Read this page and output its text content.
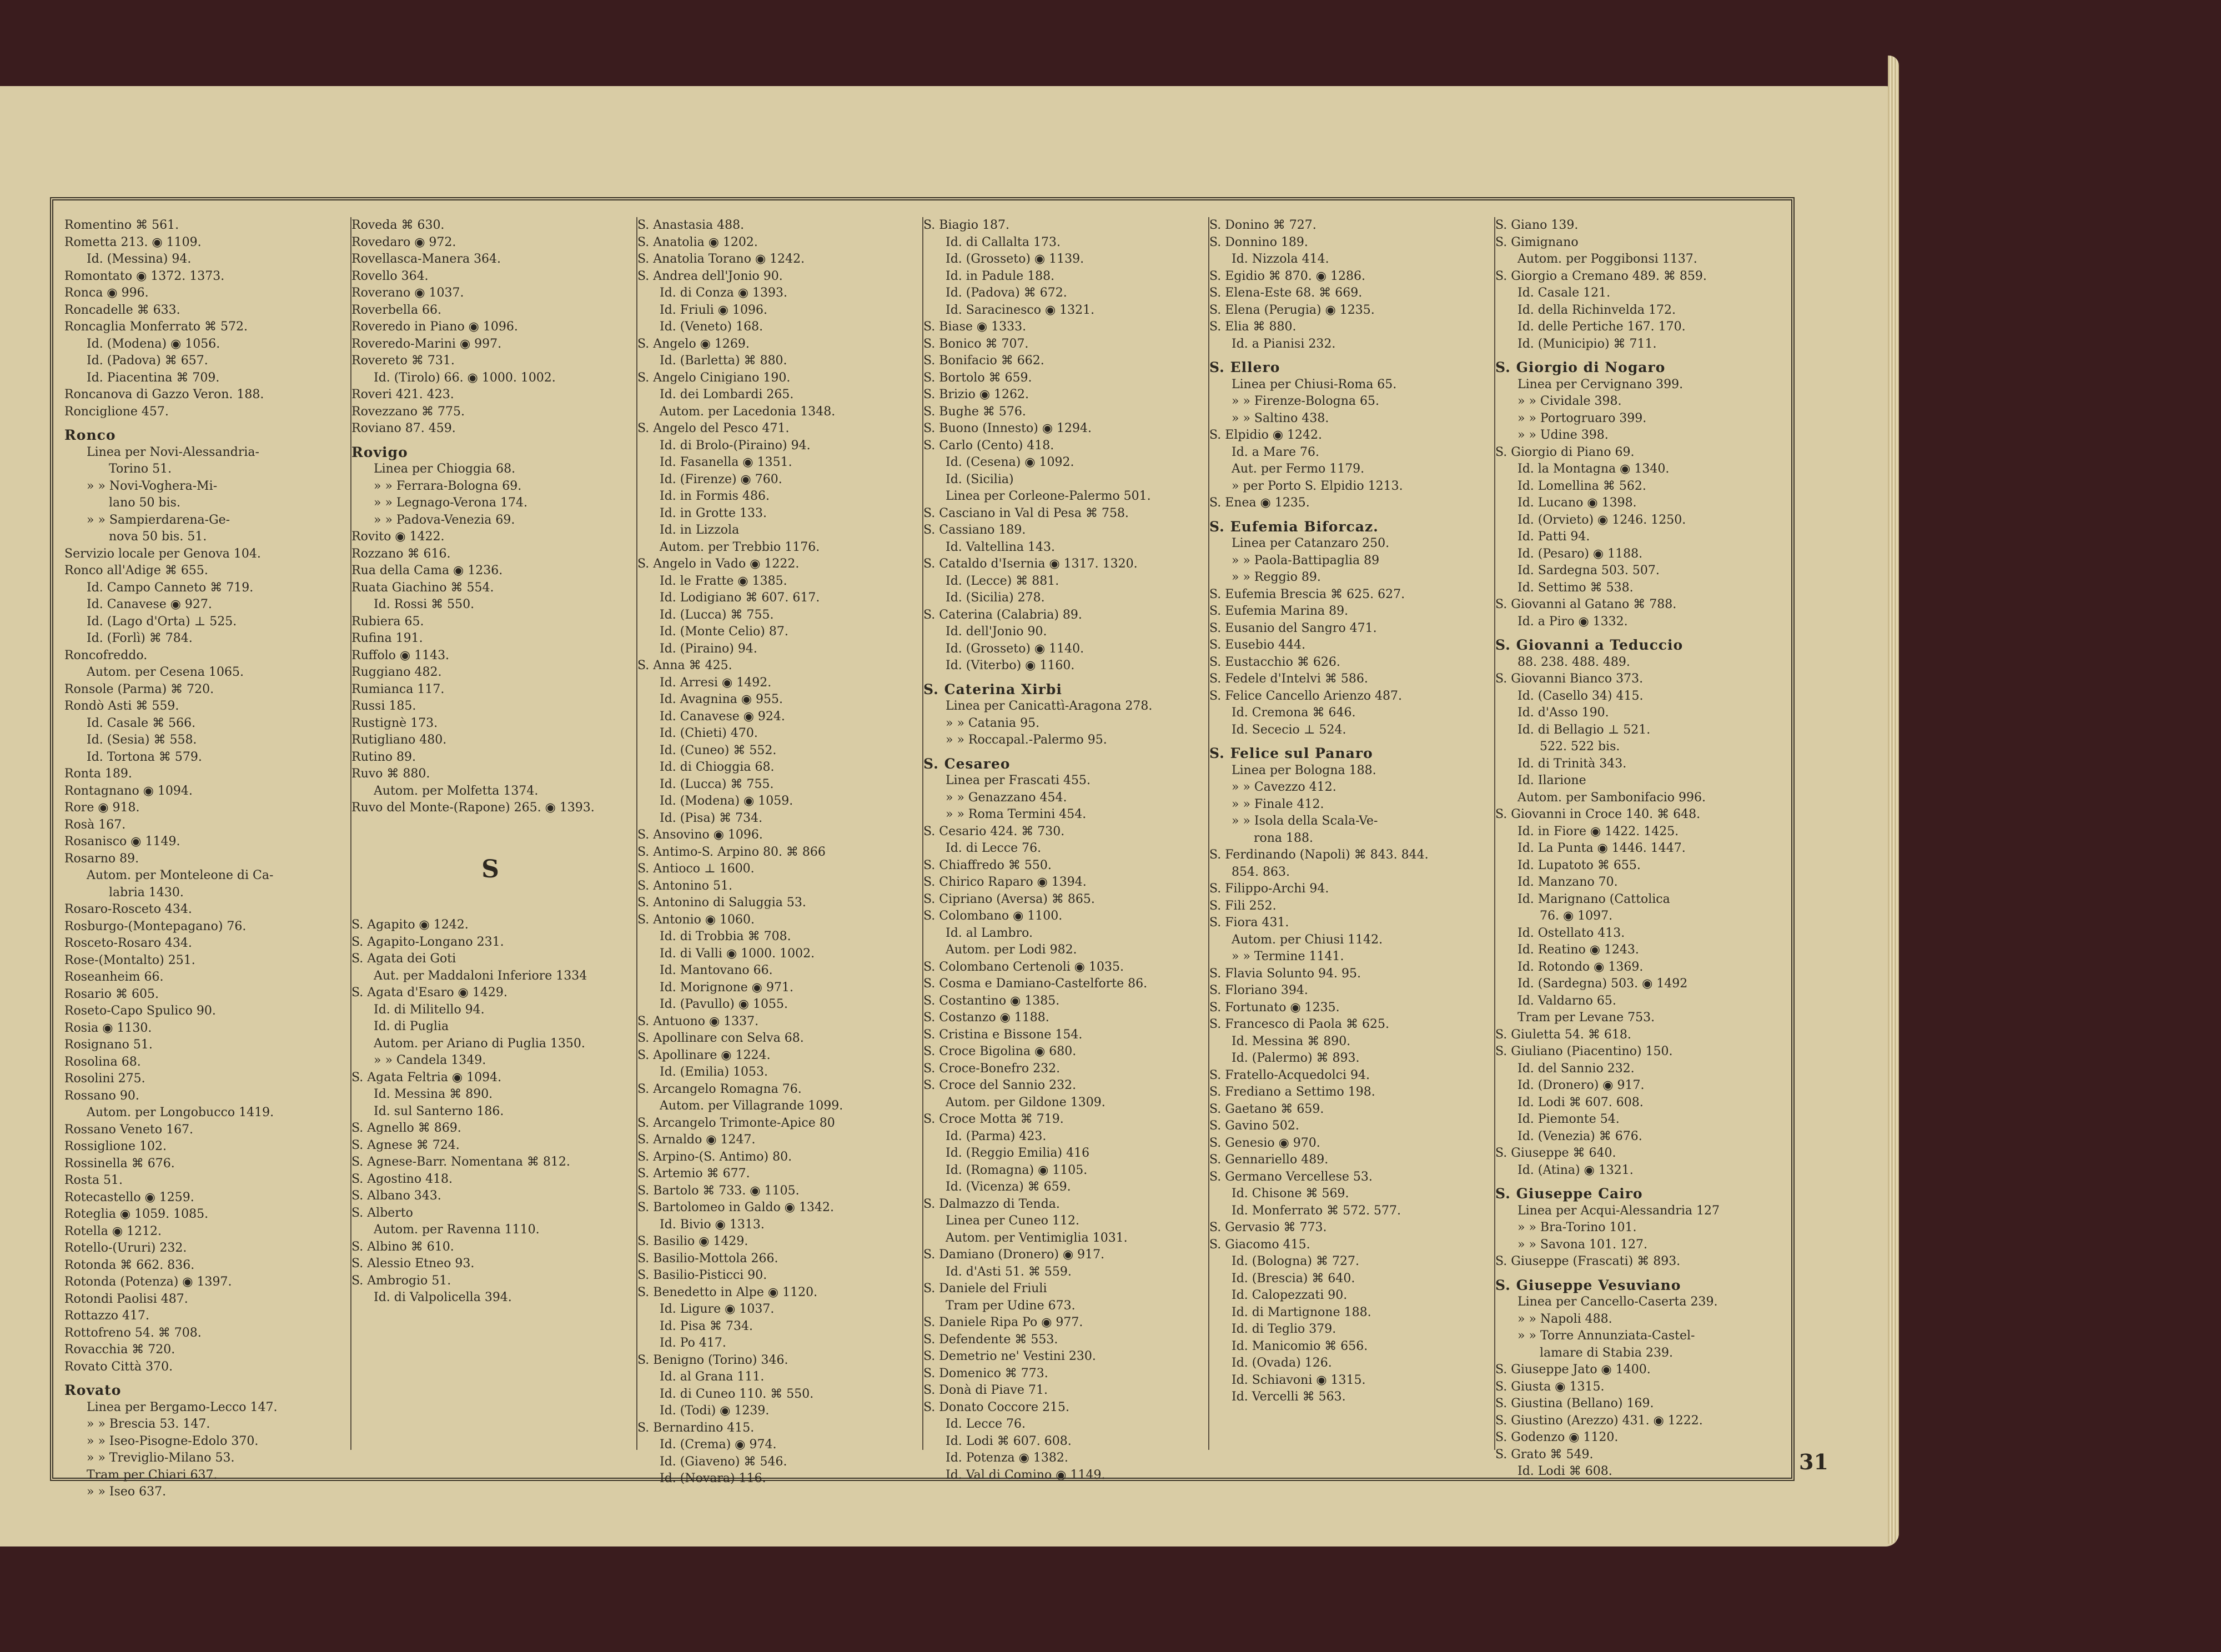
Romentino ⌘ 561.
Rometta 213. ◉ 1109.
Id. (Messina) 94.
Romontato ◉ 1372. 1373.
Ronca ◉ 996.
Roncadelle ⌘ 633.
Roncaglia Monferrato ⌘ 572.
Id. (Modena) ◉ 1056.
Id. (Padova) ⌘ 657.
Id. Piacentina ⌘ 709.
Roncanova di Gazzo Veron. 188.
Ronciglione 457.
Ronco
Linea per Novi-Alessandria-
Torino 51.
» » Novi-Voghera-Mi-
lano 50 bis.
» » Sampierdarena-Ge-
nova 50 bis. 51.
Servizio locale per Genova 104.
Ronco all'Adige ⌘ 655.
Id. Campo Canneto ⌘ 719.
Id. Canavese ◉ 927.
Id. (Lago d'Orta) ⊥ 525.
Id. (Forlì) ⌘ 784.
Roncofreddo.
Autom. per Cesena 1065.
Ronsole (Parma) ⌘ 720.
Rondò Asti ⌘ 559.
Id. Casale ⌘ 566.
Id. (Sesia) ⌘ 558.
Id. Tortona ⌘ 579.
Ronta 189.
Rontagnano ◉ 1094.
Rore ◉ 918.
Rosà 167.
Rosanisco ◉ 1149.
Rosarno 89.
Autom. per Monteleone di Ca-
labria 1430.
Rosaro-Rosceto 434.
Rosburgo-(Montepagano) 76.
Rosceto-Rosaro 434.
Rose-(Montalto) 251.
Roseanheim 66.
Rosario ⌘ 605.
Roseto-Capo Spulico 90.
Rosia ◉ 1130.
Rosignano 51.
Rosolina 68.
Rosolini 275.
Rossano 90.
Autom. per Longobucco 1419.
Rossano Veneto 167.
Rossiglione 102.
Rossinella ⌘ 676.
Rosta 51.
Rotecastello ◉ 1259.
Roteglia ◉ 1059. 1085.
Rotella ◉ 1212.
Rotello-(Ururi) 232.
Rotonda ⌘ 662. 836.
Rotonda (Potenza) ◉ 1397.
Rotondi Paolisi 487.
Rottazzo 417.
Rottofreno 54. ⌘ 708.
Rovacchia ⌘ 720.
Rovato Città 370.
Rovato
Linea per Bergamo-Lecco 147.
» » Brescia 53. 147.
» » Iseo-Pisogne-Edolo 370.
» » Treviglio-Milano 53.
Tram per Chiari 637.
» » Iseo 637.
Roveda ⌘ 630.
Rovedaro ◉ 972.
Rovellasca-Manera 364.
Rovello 364.
Roverano ◉ 1037.
Roverbella 66.
Roveredo in Piano ◉ 1096.
Roveredo-Marini ◉ 997.
Rovereto ⌘ 731.
Id. (Tirolo) 66. ◉ 1000. 1002.
Roveri 421. 423.
Rovezzano ⌘ 775.
Roviano 87. 459.
Rovigo
Linea per Chioggia 68.
» » Ferrara-Bologna 69.
» » Legnago-Verona 174.
» » Padova-Venezia 69.
Rovito ◉ 1422.
Rozzano ⌘ 616.
Rua della Cama ◉ 1236.
Ruata Giachino ⌘ 554.
Id. Rossi ⌘ 550.
Rubiera 65.
Rufina 191.
Ruffolo ◉ 1143.
Ruggiano 482.
Rumianca 117.
Russi 185.
Rustignè 173.
Rutigliano 480.
Rutino 89.
Ruvo ⌘ 880.
Autom. per Molfetta 1374.
Ruvo del Monte-(Rapone) 265. ◉ 1393.
S
S. Agapito ◉ 1242.
S. Agapito-Longano 231.
S. Agata dei Goti
Aut. per Maddaloni Inferiore 1334
S. Agata d'Esaro ◉ 1429.
Id. di Militello 94.
Id. di Puglia
Autom. per Ariano di Puglia 1350.
» » Candela 1349.
S. Agata Feltria ◉ 1094.
Id. Messina ⌘ 890.
Id. sul Santerno 186.
S. Agnello ⌘ 869.
S. Agnese ⌘ 724.
S. Agnese-Barr. Nomentana ⌘ 812.
S. Agostino 418.
S. Albano 343.
S. Alberto
Autom. per Ravenna 1110.
S. Albino ⌘ 610.
S. Alessio Etneo 93.
S. Ambrogio 51.
Id. di Valpolicella 394.
S. Anastasia 488.
S. Anatolia ◉ 1202.
S. Anatolia Torano ◉ 1242.
S. Andrea dell'Jonio 90.
Id. di Conza ◉ 1393.
Id. Friuli ◉ 1096.
Id. (Veneto) 168.
S. Angelo ◉ 1269.
Id. (Barletta) ⌘ 880.
S. Angelo Cinigiano 190.
Id. dei Lombardi 265.
Autom. per Lacedonia 1348.
S. Angelo del Pesco 471.
Id. di Brolo-(Piraino) 94.
Id. Fasanella ◉ 1351.
Id. (Firenze) ◉ 760.
Id. in Formis 486.
Id. in Grotte 133.
Id. in Lizzola
Autom. per Trebbio 1176.
S. Angelo in Vado ◉ 1222.
Id. le Fratte ◉ 1385.
Id. Lodigiano ⌘ 607. 617.
Id. (Lucca) ⌘ 755.
Id. (Monte Celio) 87.
Id. (Piraino) 94.
S. Anna ⌘ 425.
Id. Arresi ◉ 1492.
Id. Avagnina ◉ 955.
Id. Canavese ◉ 924.
Id. (Chieti) 470.
Id. (Cuneo) ⌘ 552.
Id. di Chioggia 68.
Id. (Lucca) ⌘ 755.
Id. (Modena) ◉ 1059.
Id. (Pisa) ⌘ 734.
S. Ansovino ◉ 1096.
S. Antimo-S. Arpino 80. ⌘ 866
S. Antioco ⊥ 1600.
S. Antonino 51.
S. Antonino di Saluggia 53.
S. Antonio ◉ 1060.
Id. di Trobbia ⌘ 708.
Id. di Valli ◉ 1000. 1002.
Id. Mantovano 66.
Id. Morignone ◉ 971.
Id. (Pavullo) ◉ 1055.
S. Antuono ◉ 1337.
S. Apollinare con Selva 68.
S. Apollinare ◉ 1224.
Id. (Emilia) 1053.
S. Arcangelo Romagna 76.
Autom. per Villagrande 1099.
S. Arcangelo Trimonte-Apice 80
S. Arnaldo ◉ 1247.
S. Arpino-(S. Antimo) 80.
S. Artemio ⌘ 677.
S. Bartolo ⌘ 733. ◉ 1105.
S. Bartolomeo in Galdo ◉ 1342.
Id. Bivio ◉ 1313.
S. Basilio ◉ 1429.
S. Basilio-Mottola 266.
S. Basilio-Pisticci 90.
S. Benedetto in Alpe ◉ 1120.
Id. Ligure ◉ 1037.
Id. Pisa ⌘ 734.
Id. Po 417.
S. Benigno (Torino) 346.
Id. al Grana 111.
Id. di Cuneo 110. ⌘ 550.
Id. (Todi) ◉ 1239.
S. Bernardino 415.
Id. (Crema) ◉ 974.
Id. (Giaveno) ⌘ 546.
Id. (Novara) 116.
S. Biagio 187.
Id. di Callalta 173.
Id. (Grosseto) ◉ 1139.
Id. in Padule 188.
Id. (Padova) ⌘ 672.
Id. Saracinesco ◉ 1321.
S. Biase ◉ 1333.
S. Bonico ⌘ 707.
S. Bonifacio ⌘ 662.
S. Bortolo ⌘ 659.
S. Brizio ◉ 1262.
S. Bughe ⌘ 576.
S. Buono (Innesto) ◉ 1294.
S. Carlo (Cento) 418.
Id. (Cesena) ◉ 1092.
Id. (Sicilia)
Linea per Corleone-Palermo 501.
S. Casciano in Val di Pesa ⌘ 758.
S. Cassiano 189.
Id. Valtellina 143.
S. Cataldo d'Isernia ◉ 1317. 1320.
Id. (Lecce) ⌘ 881.
Id. (Sicilia) 278.
S. Caterina (Calabria) 89.
Id. dell'Jonio 90.
Id. (Grosseto) ◉ 1140.
Id. (Viterbo) ◉ 1160.
S. Caterina Xirbi
Linea per Canicattì-Aragona 278.
» » Catania 95.
» » Roccapal.-Palermo 95.
S. Cesareo
Linea per Frascati 455.
» » Genazzano 454.
» » Roma Termini 454.
S. Cesario 424. ⌘ 730.
Id. di Lecce 76.
S. Chiaffredo ⌘ 550.
S. Chirico Raparo ◉ 1394.
S. Cipriano (Aversa) ⌘ 865.
S. Colombano ◉ 1100.
Id. al Lambro.
Autom. per Lodi 982.
S. Colombano Certenoli ◉ 1035.
S. Cosma e Damiano-Castelforte 86.
S. Costantino ◉ 1385.
S. Costanzo ◉ 1188.
S. Cristina e Bissone 154.
S. Croce Bigolina ◉ 680.
S. Croce-Bonefro 232.
S. Croce del Sannio 232.
Autom. per Gildone 1309.
S. Croce Motta ⌘ 719.
Id. (Parma) 423.
Id. (Reggio Emilia) 416
Id. (Romagna) ◉ 1105.
Id. (Vicenza) ⌘ 659.
S. Dalmazzo di Tenda.
Linea per Cuneo 112.
Autom. per Ventimiglia 1031.
S. Damiano (Dronero) ◉ 917.
Id. d'Asti 51. ⌘ 559.
S. Daniele del Friuli
Tram per Udine 673.
S. Daniele Ripa Po ◉ 977.
S. Defendente ⌘ 553.
S. Demetrio ne' Vestini 230.
S. Domenico ⌘ 773.
S. Donà di Piave 71.
S. Donato Coccore 215.
Id. Lecce 76.
Id. Lodi ⌘ 607. 608.
Id. Potenza ◉ 1382.
Id. Val di Comino ◉ 1149.
S. Donino ⌘ 727.
S. Donnino 189.
Id. Nizzola 414.
S. Egidio ⌘ 870. ◉ 1286.
S. Elena-Este 68. ⌘ 669.
S. Elena (Perugia) ◉ 1235.
S. Elia ⌘ 880.
Id. a Pianisi 232.
S. Ellero
Linea per Chiusi-Roma 65.
» » Firenze-Bologna 65.
» » Saltino 438.
S. Elpidio ◉ 1242.
Id. a Mare 76.
Aut. per Fermo 1179.
» per Porto S. Elpidio 1213.
S. Enea ◉ 1235.
S. Eufemia Biforcaz.
Linea per Catanzaro 250.
» » Paola-Battipaglia 89
» » Reggio 89.
S. Eufemia Brescia ⌘ 625. 627.
S. Eufemia Marina 89.
S. Eusanio del Sangro 471.
S. Eusebio 444.
S. Eustacchio ⌘ 626.
S. Fedele d'Intelvi ⌘ 586.
S. Felice Cancello Arienzo 487.
Id. Cremona ⌘ 646.
Id. Sececio ⊥ 524.
S. Felice sul Panaro
Linea per Bologna 188.
» » Cavezzo 412.
» » Finale 412.
» » Isola della Scala-Ve-
rona 188.
S. Ferdinando (Napoli) ⌘ 843. 844.
854. 863.
S. Filippo-Archi 94.
S. Fili 252.
S. Fiora 431.
Autom. per Chiusi 1142.
» » Termine 1141.
S. Flavia Solunto 94. 95.
S. Floriano 394.
S. Fortunato ◉ 1235.
S. Francesco di Paola ⌘ 625.
Id. Messina ⌘ 890.
Id. (Palermo) ⌘ 893.
S. Fratello-Acquedolci 94.
S. Frediano a Settimo 198.
S. Gaetano ⌘ 659.
S. Gavino 502.
S. Genesio ◉ 970.
S. Gennariello 489.
S. Germano Vercellese 53.
Id. Chisone ⌘ 569.
Id. Monferrato ⌘ 572. 577.
S. Gervasio ⌘ 773.
S. Giacomo 415.
Id. (Bologna) ⌘ 727.
Id. (Brescia) ⌘ 640.
Id. Calopezzati 90.
Id. di Martignone 188.
Id. di Teglio 379.
Id. Manicomio ⌘ 656.
Id. (Ovada) 126.
Id. Schiavoni ◉ 1315.
Id. Vercelli ⌘ 563.
S. Giano 139.
S. Gimignano
Autom. per Poggibonsi 1137.
S. Giorgio a Cremano 489. ⌘ 859.
Id. Casale 121.
Id. della Richinvelda 172.
Id. delle Pertiche 167. 170.
Id. (Municipio) ⌘ 711.
S. Giorgio di Nogaro
Linea per Cervignano 399.
» » Cividale 398.
» » Portogruaro 399.
» » Udine 398.
S. Giorgio di Piano 69.
Id. la Montagna ◉ 1340.
Id. Lomellina ⌘ 562.
Id. Lucano ◉ 1398.
Id. (Orvieto) ◉ 1246. 1250.
Id. Patti 94.
Id. (Pesaro) ◉ 1188.
Id. Sardegna 503. 507.
Id. Settimo ⌘ 538.
S. Giovanni al Gatano ⌘ 788.
Id. a Piro ◉ 1332.
S. Giovanni a Teduccio
88. 238. 488. 489.
S. Giovanni Bianco 373.
Id. (Casello 34) 415.
Id. d'Asso 190.
Id. di Bellagio ⊥ 521.
522. 522 bis.
Id. di Trinità 343.
Id. Ilarione
Autom. per Sambonifacio 996.
S. Giovanni in Croce 140. ⌘ 648.
Id. in Fiore ◉ 1422. 1425.
Id. La Punta ◉ 1446. 1447.
Id. Lupatoto ⌘ 655.
Id. Manzano 70.
Id. Marignano (Cattolica
76. ◉ 1097.
Id. Ostellato 413.
Id. Reatino ◉ 1243.
Id. Rotondo ◉ 1369.
Id. (Sardegna) 503. ◉ 1492
Id. Valdarno 65.
Tram per Levane 753.
S. Giuletta 54. ⌘ 618.
S. Giuliano (Piacentino) 150.
Id. del Sannio 232.
Id. (Dronero) ◉ 917.
Id. Lodi ⌘ 607. 608.
Id. Piemonte 54.
Id. (Venezia) ⌘ 676.
S. Giuseppe ⌘ 640.
Id. (Atina) ◉ 1321.
S. Giuseppe Cairo
Linea per Acqui-Alessandria 127
» » Bra-Torino 101.
» » Savona 101. 127.
S. Giuseppe (Frascati) ⌘ 893.
S. Giuseppe Vesuviano
Linea per Cancello-Caserta 239.
» » Napoli 488.
» » Torre Annunziata-Castel-
lamare di Stabia 239.
S. Giuseppe Jato ◉ 1400.
S. Giusta ◉ 1315.
S. Giustina (Bellano) 169.
S. Giustino (Arezzo) 431. ◉ 1222.
S. Godenzo ◉ 1120.
S. Grato ⌘ 549.
Id. Lodi ⌘ 608.	31
